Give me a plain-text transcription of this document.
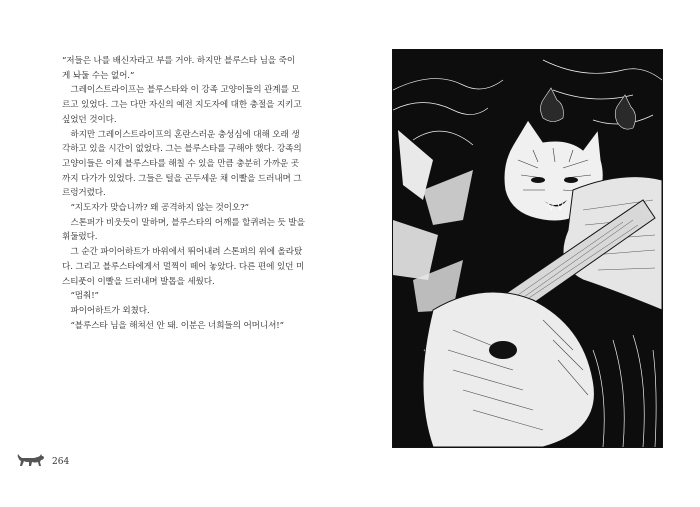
“저들은 나를 배신자라고 부를 거야. 하지만 블루스타 님을 죽이

게 놔둘 수는 없어.”

　그레이스트라이프는 블루스타와 이 강족 고양이들의 관계를 모

르고 있었다. 그는 다만 자신의 예전 지도자에 대한 충절을 지키고

싶었던 것이다.

　하지만 그레이스트라이프의 혼란스러운 충성심에 대해 오래 생

각하고 있을 시간이 없었다. 그는 블루스타를 구해야 했다. 강족의

고양이들은 이제 블루스타를 해칠 수 있을 만큼 충분히 가까운 곳

까지 다가가 있었다. 그들은 털을 곤두세운 채 이빨을 드러내며 그

르렁거렸다.

　“지도자가 맞습니까? 왜 공격하지 않는 것이오?”

　스톤퍼가 비웃듯이 말하며, 블루스타의 어깨를 할퀴려는 듯 발을

휘둘렀다.

　그 순간 파이어하트가 바위에서 뛰어내려 스톤퍼의 위에 올라탔

다. 그리고 블루스타에게서 멀찍이 떼어 놓았다. 다른 편에 있던 미

스티풋이 이빨을 드러내며 발톱을 세웠다.

　“멈춰!”

　파이어하트가 외쳤다.

　“블루스타 님을 해쳐선 안 돼. 이분은 너희들의 어머니셔!”

264
